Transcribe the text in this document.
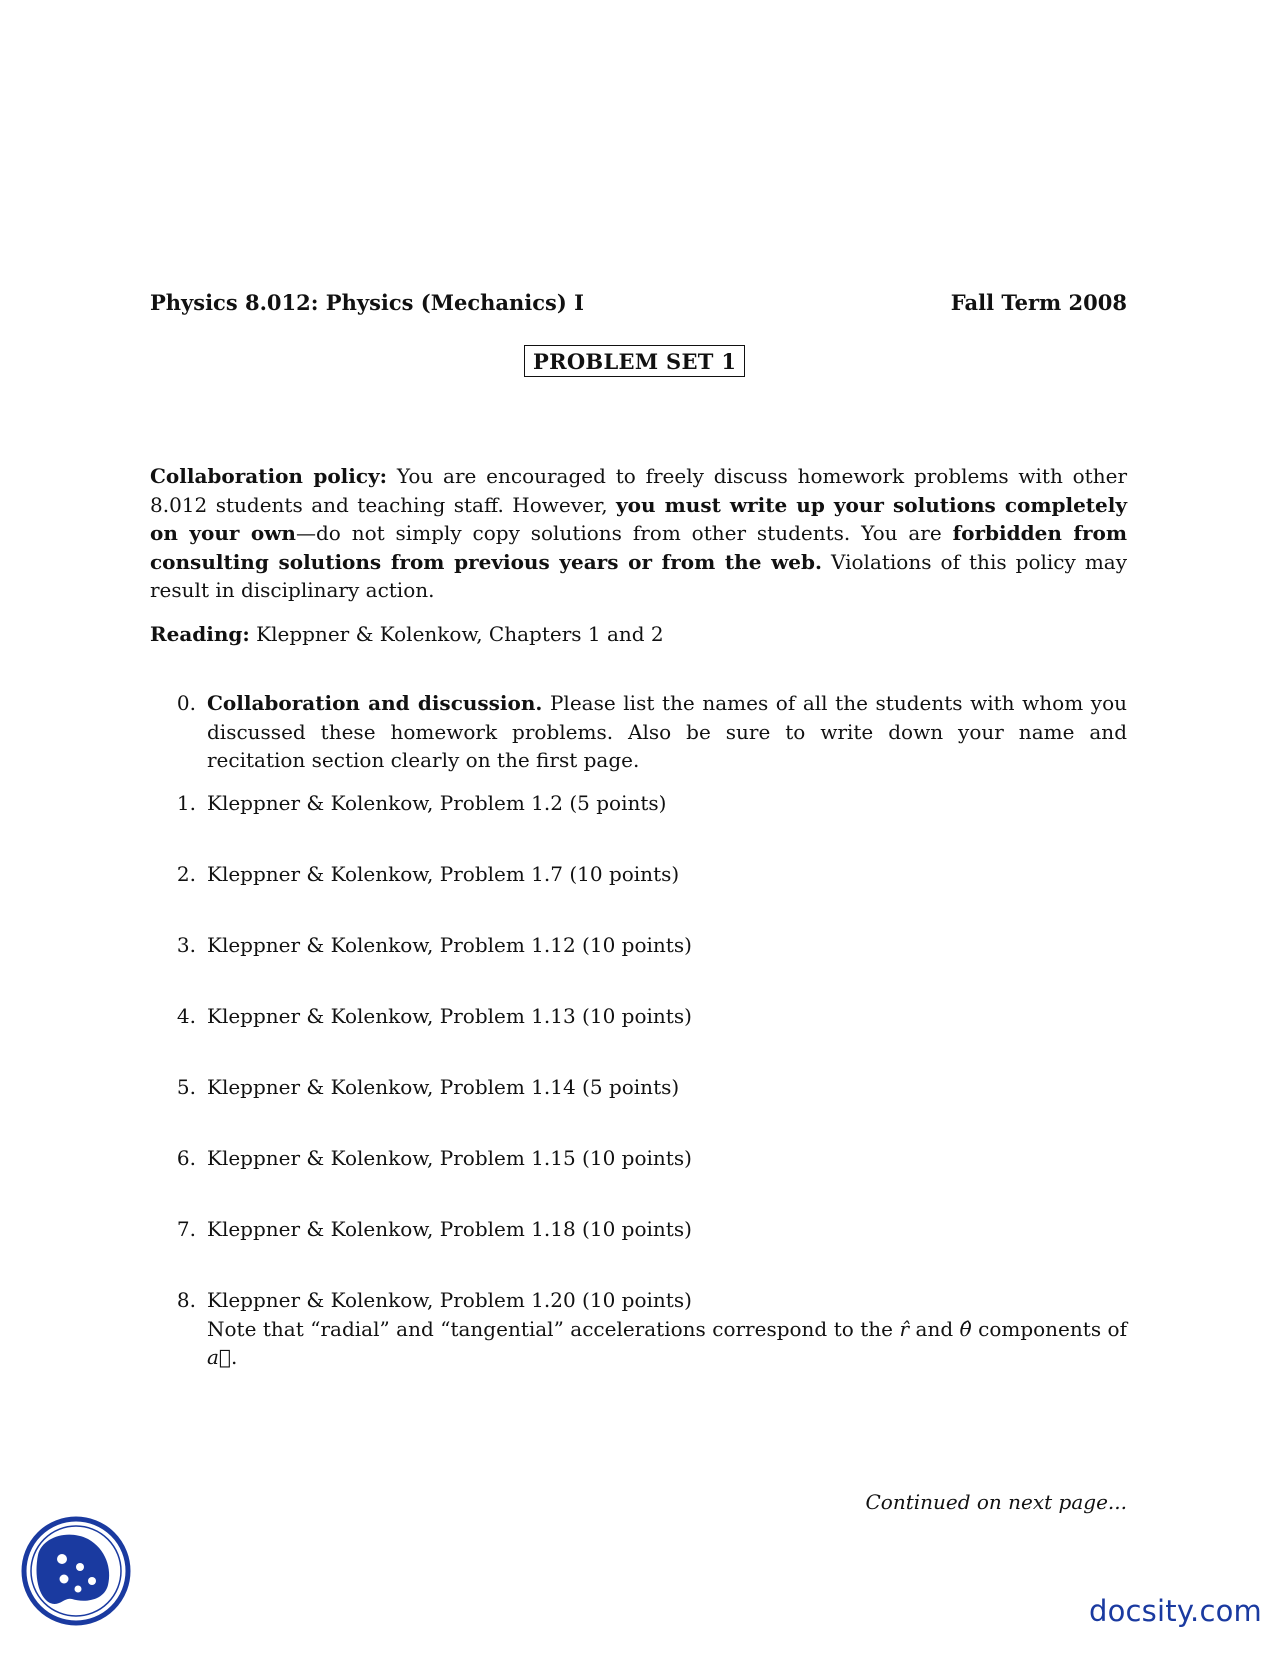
Physics 8.012: Physics (Mechanics) I	Fall Term 2008
PROBLEM SET 1
Collaboration policy: You are encouraged to freely discuss homework problems with other 8.012 students and teaching staff. However, you must write up your solutions completely on your own—do not simply copy solutions from other students. You are forbidden from consulting solutions from previous years or from the web. Violations of this policy may result in disciplinary action.
Reading: Kleppner & Kolenkow, Chapters 1 and 2
0. Collaboration and discussion. Please list the names of all the students with whom you discussed these homework problems. Also be sure to write down your name and recitation section clearly on the first page.
1. Kleppner & Kolenkow, Problem 1.2 (5 points)
2. Kleppner & Kolenkow, Problem 1.7 (10 points)
3. Kleppner & Kolenkow, Problem 1.12 (10 points)
4. Kleppner & Kolenkow, Problem 1.13 (10 points)
5. Kleppner & Kolenkow, Problem 1.14 (5 points)
6. Kleppner & Kolenkow, Problem 1.15 (10 points)
7. Kleppner & Kolenkow, Problem 1.18 (10 points)
8. Kleppner & Kolenkow, Problem 1.20 (10 points)
Note that “radial” and “tangential” accelerations correspond to the r̂ and θ̂ components of a⃗.
Continued on next page...
docsity.com
